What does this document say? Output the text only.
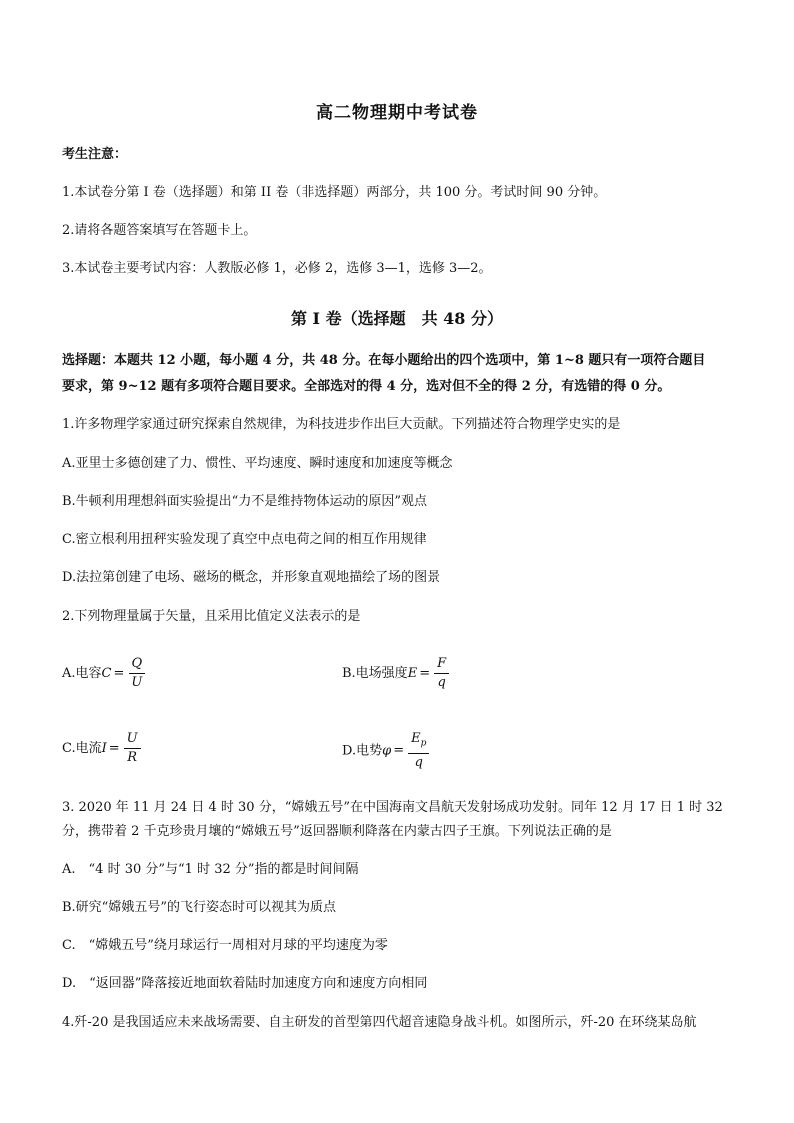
高二物理期中考试卷
考生注意：
1.本试卷分第 I 卷（选择题）和第 II 卷（非选择题）两部分，共 100 分。考试时间 90 分钟。
2.请将各题答案填写在答题卡上。
3.本试卷主要考试内容：人教版必修 1，必修 2，选修 3—1，选修 3—2。
第 I 卷（选择题　共 48 分）
选择题：本题共 12 小题，每小题 4 分，共 48 分。在每小题给出的四个选项中，第 1~8 题只有一项符合题目
要求，第 9~12 题有多项符合题目要求。全部选对的得 4 分，选对但不全的得 2 分，有选错的得 0 分。
1.许多物理学家通过研究探索自然规律，为科技进步作出巨大贡献。下列描述符合物理学史实的是
A.亚里士多德创建了力、惯性、平均速度、瞬时速度和加速度等概念
B.牛顿利用理想斜面实验提出“力不是维持物体运动的原因”观点
C.密立根利用扭秤实验发现了真空中点电荷之间的相互作用规律
D.法拉第创建了电场、磁场的概念，并形象直观地描绘了场的图景
2.下列物理量属于矢量，且采用比值定义法表示的是
A.电容$C = \frac{Q}{U}$	B.电场强度$E = \frac{F}{q}$
C.电流$I = \frac{U}{R}$	D.电势$\varphi = \frac{E_p}{q}$
3. 2020 年 11 月 24 日 4 时 30 分，“嫦娥五号”在中国海南文昌航天发射场成功发射。同年 12 月 17 日 1 时 32
分，携带着 2 千克珍贵月壤的“嫦娥五号”返回器顺利降落在内蒙古四子王旗。下列说法正确的是
A.　“4 时 30 分”与“1 时 32 分”指的都是时间间隔
B.研究“嫦娥五号”的飞行姿态时可以视其为质点
C.　“嫦娥五号”绕月球运行一周相对月球的平均速度为零
D.　“返回器”降落接近地面软着陆时加速度方向和速度方向相同
4.歼-20 是我国适应未来战场需要、自主研发的首型第四代超音速隐身战斗机。如图所示，歼-20 在环绕某岛航
